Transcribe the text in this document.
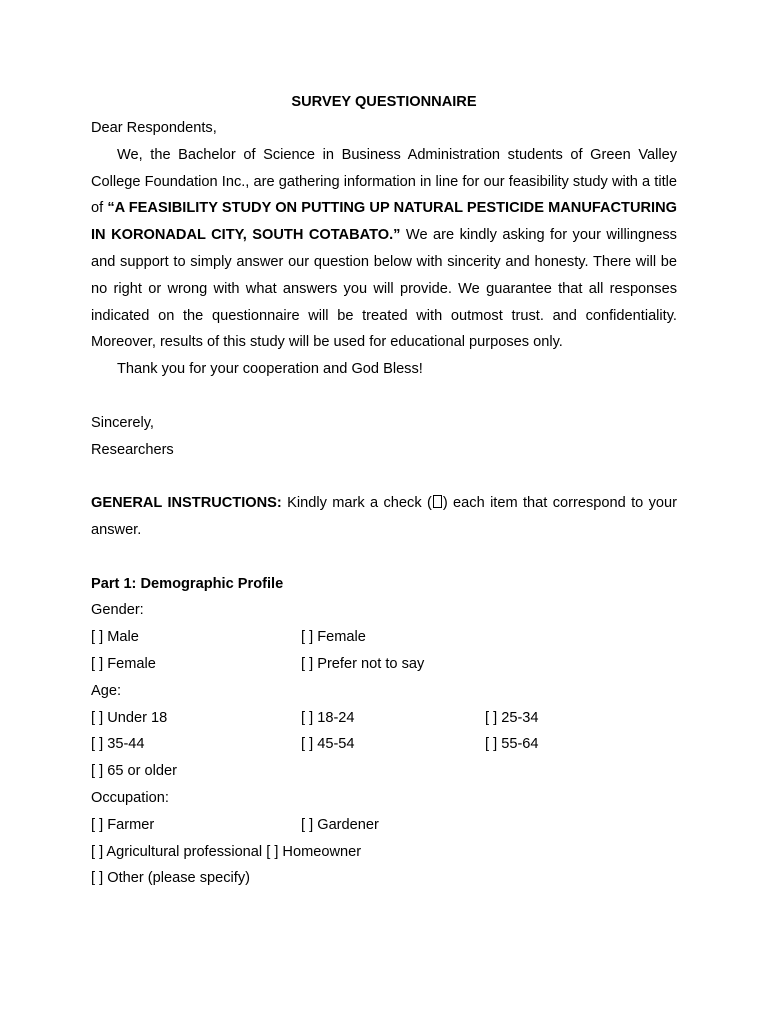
SURVEY QUESTIONNAIRE
Dear Respondents,
We, the Bachelor of Science in Business Administration students of Green Valley College Foundation Inc., are gathering information in line for our feasibility study with a title of “A FEASIBILITY STUDY ON PUTTING UP NATURAL PESTICIDE MANUFACTURING IN KORONADAL CITY, SOUTH COTABATO.” We are kindly asking for your willingness and support to simply answer our question below with sincerity and honesty. There will be no right or wrong with what answers you will provide. We guarantee that all responses indicated on the questionnaire will be treated with outmost trust. and confidentiality. Moreover, results of this study will be used for educational purposes only.
Thank you for your cooperation and God Bless!
Sincerely,
Researchers
GENERAL INSTRUCTIONS: Kindly mark a check ( ) each item that correspond to your answer.
Part 1: Demographic Profile
Gender:
[ ] Male	[ ] Female
[ ] Female	[ ] Prefer not to say
Age:
[ ] Under 18	[ ] 18-24	[ ] 25-34
[ ] 35-44	[ ] 45-54	[ ] 55-64
[ ] 65 or older
Occupation:
[ ] Farmer	[ ] Gardener
[ ] Agricultural professional [ ] Homeowner
[ ] Other (please specify)
